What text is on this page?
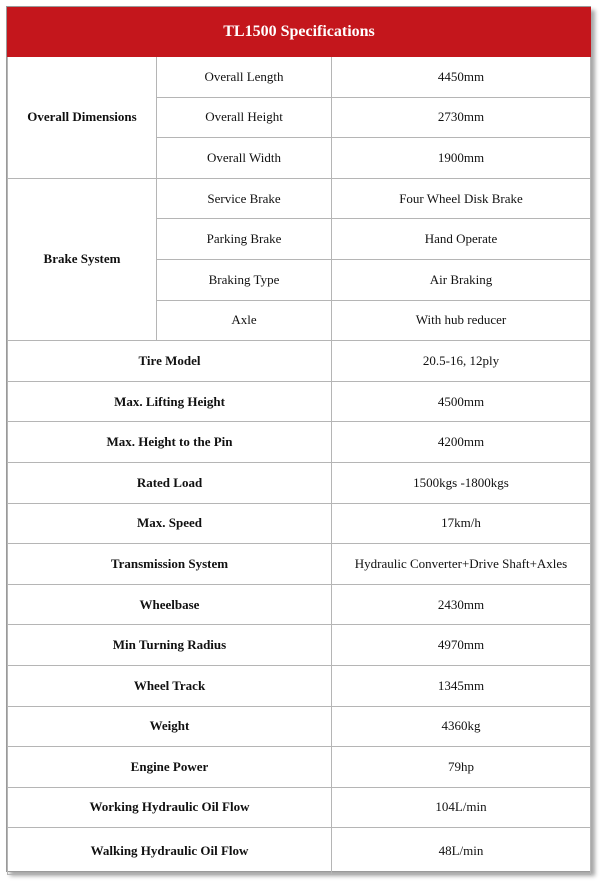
TL1500 Specifications		
Overall Dimensions	Overall Length	4450mm
	Overall Height	2730mm
	Overall Width	1900mm
Brake System	Service Brake	Four Wheel Disk Brake
	Parking Brake	Hand Operate
	Braking Type	Air Braking
	Axle	With hub reducer
Tire Model		20.5-16, 12ply
Max. Lifting Height		4500mm
Max. Height to the Pin		4200mm
Rated Load		1500kgs -1800kgs
Max. Speed		17km/h
Transmission System		Hydraulic Converter+Drive Shaft+Axles
Wheelbase		2430mm
Min Turning Radius		4970mm
Wheel Track		1345mm
Weight		4360kg
Engine Power		79hp
Working Hydraulic Oil Flow		104L/min
Walking Hydraulic Oil Flow		48L/min
